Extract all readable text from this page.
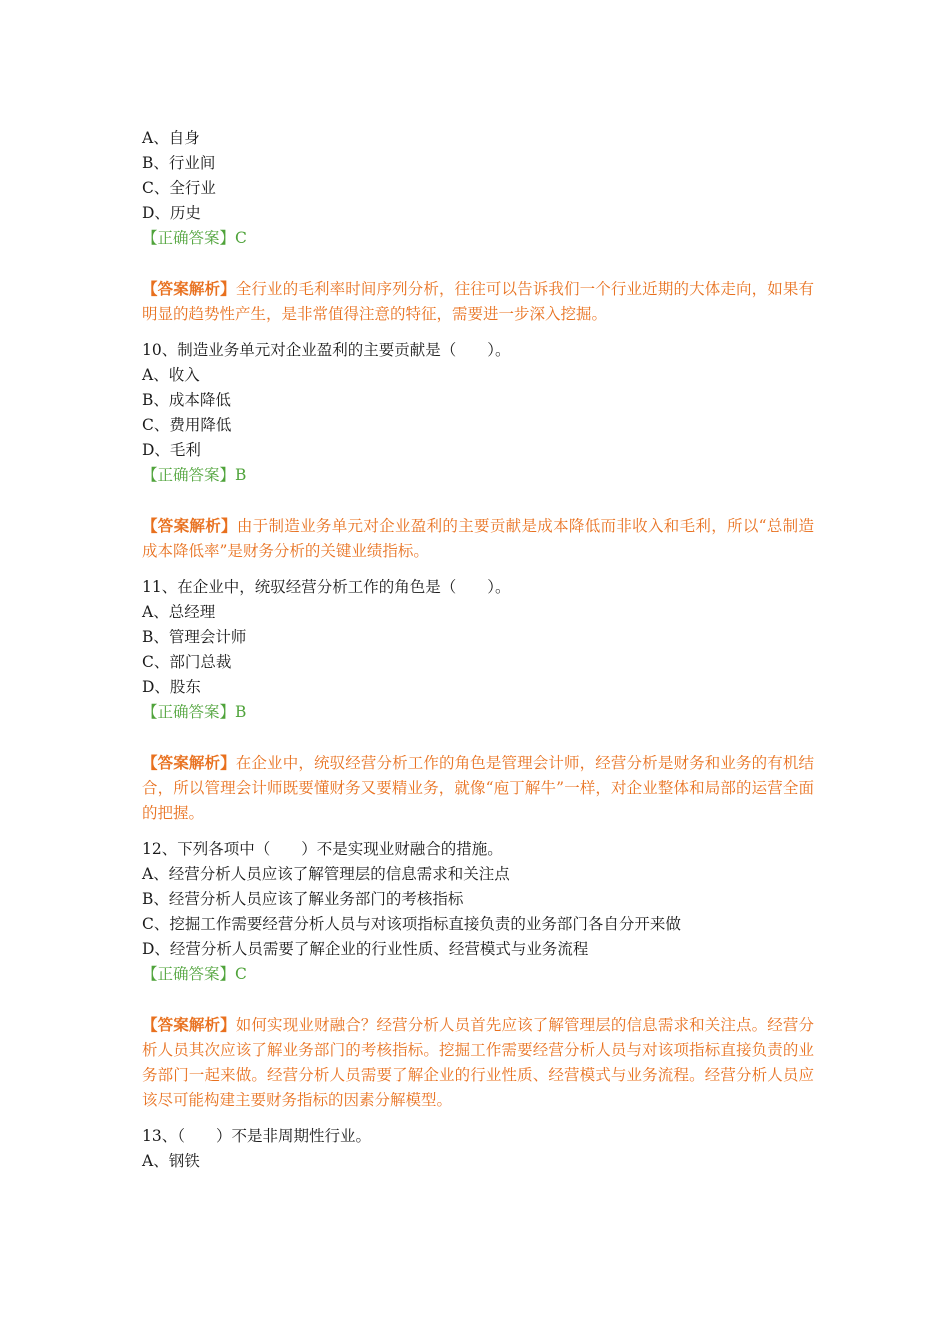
A、自身
B、行业间
C、全行业
D、历史
【正确答案】C
【答案解析】全行业的毛利率时间序列分析，往往可以告诉我们一个行业近期的大体走向，如果有明显的趋势性产生，是非常值得注意的特征，需要进一步深入挖掘。
10、制造业务单元对企业盈利的主要贡献是（　　）。
A、收入
B、成本降低
C、费用降低
D、毛利
【正确答案】B
【答案解析】由于制造业务单元对企业盈利的主要贡献是成本降低而非收入和毛利，所以“总制造成本降低率”是财务分析的关键业绩指标。
11、在企业中，统驭经营分析工作的角色是（　　）。
A、总经理
B、管理会计师
C、部门总裁
D、股东
【正确答案】B
【答案解析】在企业中，统驭经营分析工作的角色是管理会计师，经营分析是财务和业务的有机结合，所以管理会计师既要懂财务又要精业务，就像“庖丁解牛”一样，对企业整体和局部的运营全面的把握。
12、下列各项中（　　）不是实现业财融合的措施。
A、经营分析人员应该了解管理层的信息需求和关注点
B、经营分析人员应该了解业务部门的考核指标
C、挖掘工作需要经营分析人员与对该项指标直接负责的业务部门各自分开来做
D、经营分析人员需要了解企业的行业性质、经营模式与业务流程
【正确答案】C
【答案解析】如何实现业财融合？经营分析人员首先应该了解管理层的信息需求和关注点。经营分析人员其次应该了解业务部门的考核指标。挖掘工作需要经营分析人员与对该项指标直接负责的业务部门一起来做。经营分析人员需要了解企业的行业性质、经营模式与业务流程。经营分析人员应该尽可能构建主要财务指标的因素分解模型。
13、（　　）不是非周期性行业。
A、钢铁
